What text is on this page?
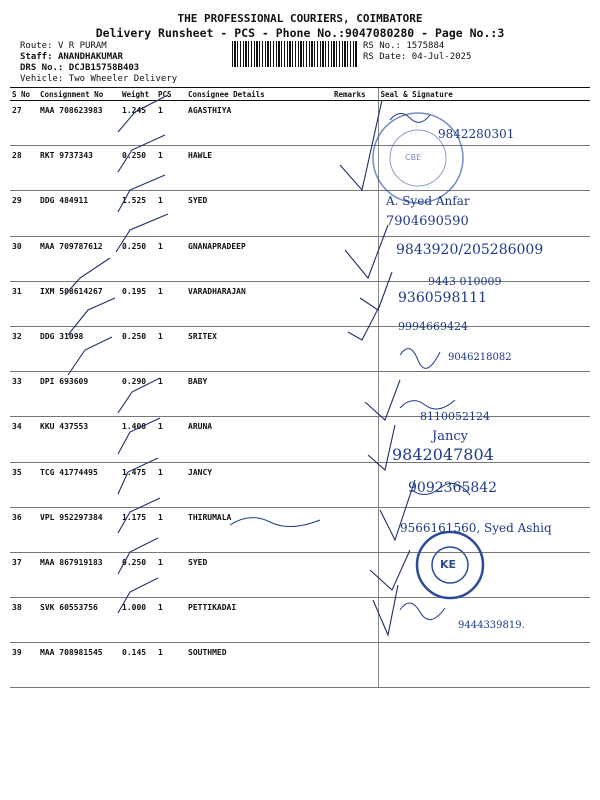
THE PROFESSIONAL COURIERS, COIMBATORE
Delivery Runsheet - PCS - Phone No.:9047080280 - Page No.:3
Route: V R PURAM
Staff: ANANDHAKUMAR
DRS No.: DCJB15758B403
Vehicle: Two Wheeler Delivery
RS No.: 1575884
RS Date: 04-Jul-2025
S No	Consignment No	Weight	PCS	Consignee Details	Remarks	Seal & Signature
27	MAA 708623983	1.245	1	AGASTHIYA		
28	RKT 9737343	0.250	1	HAWLE		
29	DDG 484911	1.525	1	SYED		
30	MAA 709787612	0.250	1	GNANAPRADEEP		
31	IXM 508614267	0.195	1	VARADHARAJAN		
32	DDG 31098	0.250	1	SRITEX		
33	DPI 693609	0.290	1	BABY		
34	KKU 437553	1.400	1	ARUNA		
35	TCG 41774495	1.475	1	JANCY		
36	VPL 952297384	1.175	1	THIRUMALA		
37	MAA 867919183	0.250	1	SYED		
38	SVK 60553756	1.000	1	PETTIKADAI		
39	MAA 708981545	0.145	1	SOUTHMED		
CBE
KE
9842280301
A. Syed Anfar
7904690590
9843920/205286009
9443 010009
9360598111
9994669424
9046218082
8110052124
Jancy
9842047804
9092365842
9566161560, Syed Ashiq
9444339819.
